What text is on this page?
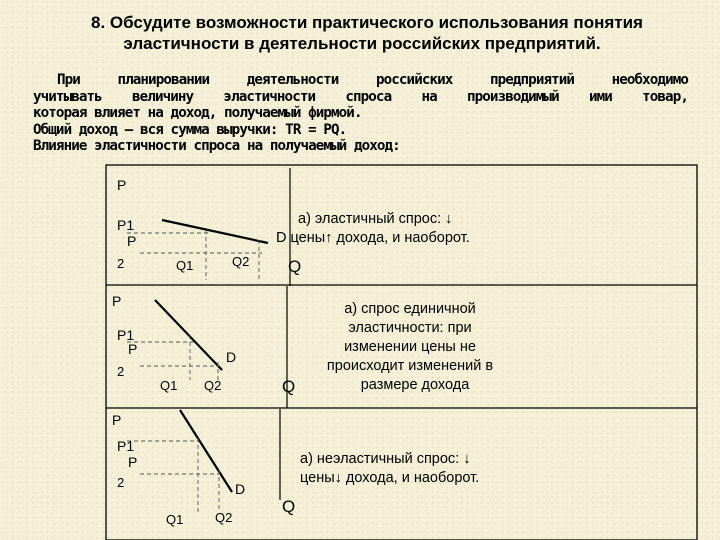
8. Обсудите возможности практического использования понятия
эластичности в деятельности российских предприятий.
При планировании деятельности российских предприятий необходимо
учитывать величину эластичности спроса на производимый ими товар,
которая влияет на доход, получаемый фирмой.
Общий доход – вся сумма выручки: TR = PQ.
Влияние эластичности спроса на получаемый доход:
P
P1
P
2	Q1	Q2 Q
P
P1
P
2
Q1 Q2
D
Q
P
P1
P
2
Q1 Q2
D
Q
а) эластичный спрос: ↓
D цены↑ дохода, и наоборот.
а) спрос единичной
эластичности: при
изменении цены не
происходит изменений в
размере дохода
а) неэластичный спрос: ↓
цены↓ дохода, и наоборот.
